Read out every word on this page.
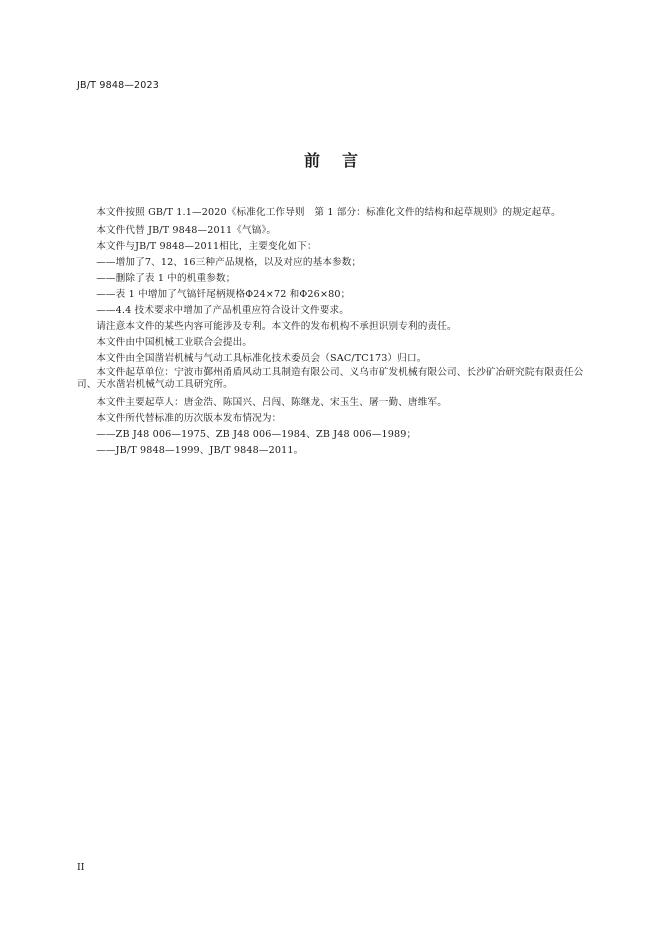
JB/T 9848—2023
前言

本文件按照 GB/T 1.1—2020《标准化工作导则　第 1 部分：标准化文件的结构和起草规则》的规定起草。

本文件代替 JB/T 9848—2011《气镐》。

本文件与JB/T 9848—2011相比，主要变化如下：

——增加了7、12、16三种产品规格，以及对应的基本参数；

——删除了表 1 中的机重参数；

——表 1 中增加了气镐钎尾柄规格Φ24×72 和Φ26×80；

——4.4 技术要求中增加了产品机重应符合设计文件要求。

请注意本文件的某些内容可能涉及专利。本文件的发布机构不承担识别专利的责任。

本文件由中国机械工业联合会提出。

本文件由全国凿岩机械与气动工具标准化技术委员会（SAC/TC173）归口。

本文件起草单位：宁波市鄞州甬盾风动工具制造有限公司、义乌市矿发机械有限公司、长沙矿冶研究院有限责任公司、天水凿岩机械气动工具研究所。

本文件主要起草人：唐金浩、陈国兴、吕闯、陈继龙、宋玉生、屠一勤、唐维军。

本文件所代替标准的历次版本发布情况为：

——ZB J48 006—1975、ZB J48 006—1984、ZB J48 006—1989；

——JB/T 9848—1999、JB/T 9848—2011。

II
